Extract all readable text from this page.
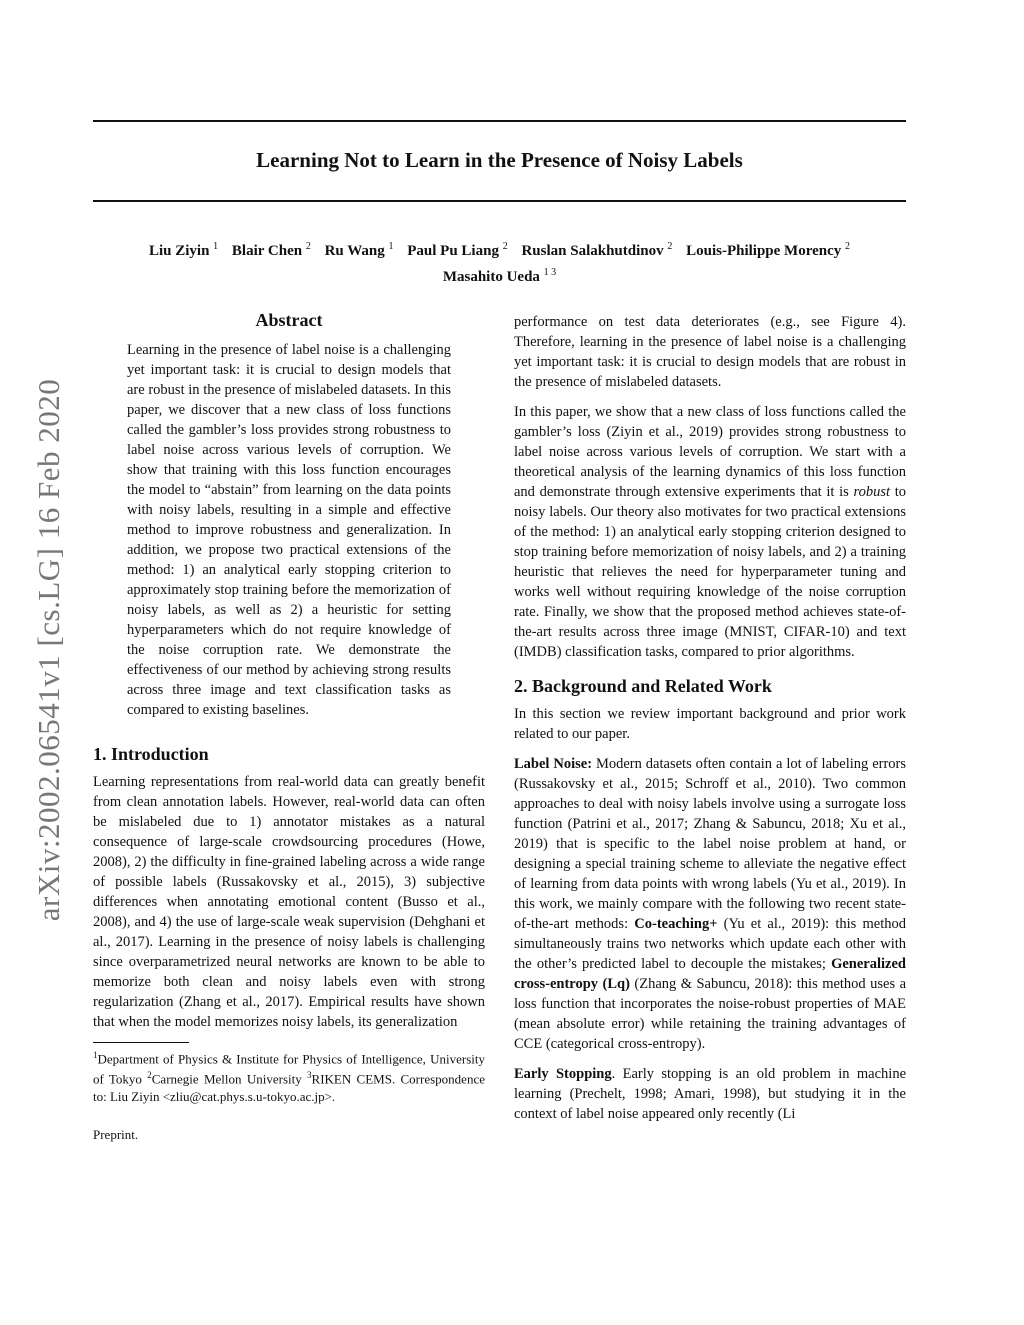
Learning Not to Learn in the Presence of Noisy Labels
Liu Ziyin $^1$ Blair Chen $^2$ Ru Wang $^1$ Paul Pu Liang $^2$ Ruslan Salakhutdinov $^2$ Louis-Philippe Morency $^2$
Masahito Ueda $^{1 3}$
arXiv:2002.06541v1 [cs.LG] 16 Feb 2020
Abstract

Learning in the presence of label noise is a challenging yet important task: it is crucial to design models that are robust in the presence of mislabeled datasets. In this paper, we discover that a new class of loss functions called the gambler’s loss provides strong robustness to label noise across various levels of corruption. We show that training with this loss function encourages the model to “abstain” from learning on the data points with noisy labels, resulting in a simple and effective method to improve robustness and generalization. In addition, we propose two practical extensions of the method: 1) an analytical early stopping criterion to approximately stop training before the memorization of noisy labels, as well as 2) a heuristic for setting hyperparameters which do not require knowledge of the noise corruption rate. We demonstrate the effectiveness of our method by achieving strong results across three image and text classification tasks as compared to existing baselines.

1. Introduction

Learning representations from real-world data can greatly benefit from clean annotation labels. However, real-world data can often be mislabeled due to 1) annotator mistakes as a natural consequence of large-scale crowdsourcing procedures (Howe, 2008), 2) the difficulty in fine-grained labeling across a wide range of possible labels (Russakovsky et al., 2015), 3) subjective differences when annotating emotional content (Busso et al., 2008), and 4) the use of large-scale weak supervision (Dehghani et al., 2017). Learning in the presence of noisy labels is challenging since overparametrized neural networks are known to be able to memorize both clean and noisy labels even with strong regularization (Zhang et al., 2017). Empirical results have shown that when the model memorizes noisy labels, its generalization

$^1$Department of Physics & Institute for Physics of Intelligence, University of Tokyo $^2$Carnegie Mellon University $^3$RIKEN CEMS. Correspondence to: Liu Ziyin <zliu@cat.phys.s.u-tokyo.ac.jp>.
Preprint.

performance on test data deteriorates (e.g., see Figure 4). Therefore, learning in the presence of label noise is a challenging yet important task: it is crucial to design models that are robust in the presence of mislabeled datasets.

In this paper, we show that a new class of loss functions called the gambler’s loss (Ziyin et al., 2019) provides strong robustness to label noise across various levels of corruption. We start with a theoretical analysis of the learning dynamics of this loss function and demonstrate through extensive experiments that it is robust to noisy labels. Our theory also motivates for two practical extensions of the method: 1) an analytical early stopping criterion designed to stop training before memorization of noisy labels, and 2) a training heuristic that relieves the need for hyperparameter tuning and works well without requiring knowledge of the noise corruption rate. Finally, we show that the proposed method achieves state-of-the-art results across three image (MNIST, CIFAR-10) and text (IMDB) classification tasks, compared to prior algorithms.

2. Background and Related Work

In this section we review important background and prior work related to our paper.

Label Noise: Modern datasets often contain a lot of labeling errors (Russakovsky et al., 2015; Schroff et al., 2010). Two common approaches to deal with noisy labels involve using a surrogate loss function (Patrini et al., 2017; Zhang & Sabuncu, 2018; Xu et al., 2019) that is specific to the label noise problem at hand, or designing a special training scheme to alleviate the negative effect of learning from data points with wrong labels (Yu et al., 2019). In this work, we mainly compare with the following two recent state-of-the-art methods: Co-teaching+ (Yu et al., 2019): this method simultaneously trains two networks which update each other with the other’s predicted label to decouple the mistakes; Generalized cross-entropy (Lq) (Zhang & Sabuncu, 2018): this method uses a loss function that incorporates the noise-robust properties of MAE (mean absolute error) while retaining the training advantages of CCE (categorical cross-entropy).

Early Stopping. Early stopping is an old problem in machine learning (Prechelt, 1998; Amari, 1998), but studying it in the context of label noise appeared only recently (Li
